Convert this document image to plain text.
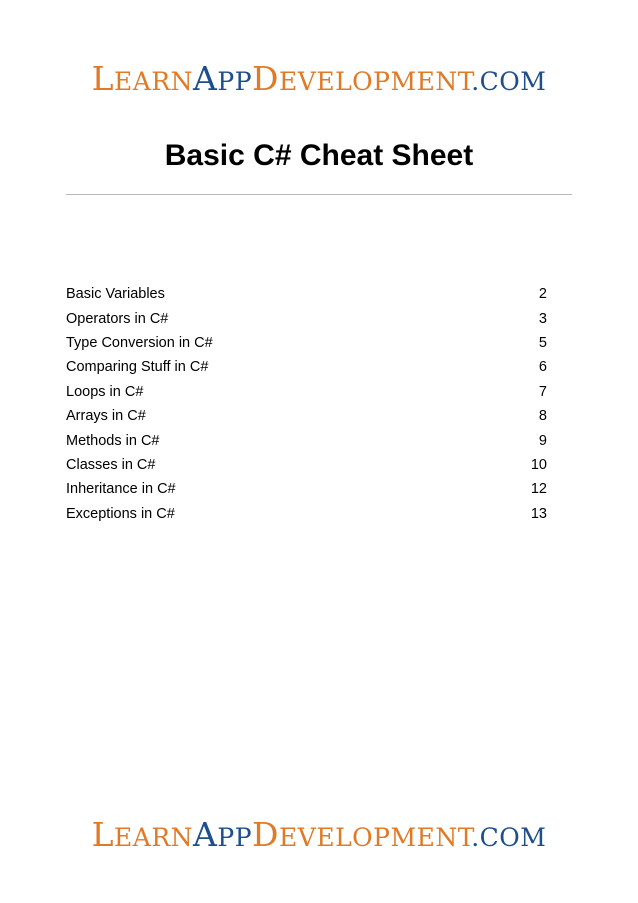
LEARNAPPDEVELOPMENT.COM
Basic C# Cheat Sheet
Basic Variables	2
Operators in C#	3
Type Conversion in C#	5
Comparing Stuff in C#	6
Loops in C#	7
Arrays in C#	8
Methods in C#	9
Classes in C#	10
Inheritance in C#	12
Exceptions in C#	13
LEARNAPPDEVELOPMENT.COM
